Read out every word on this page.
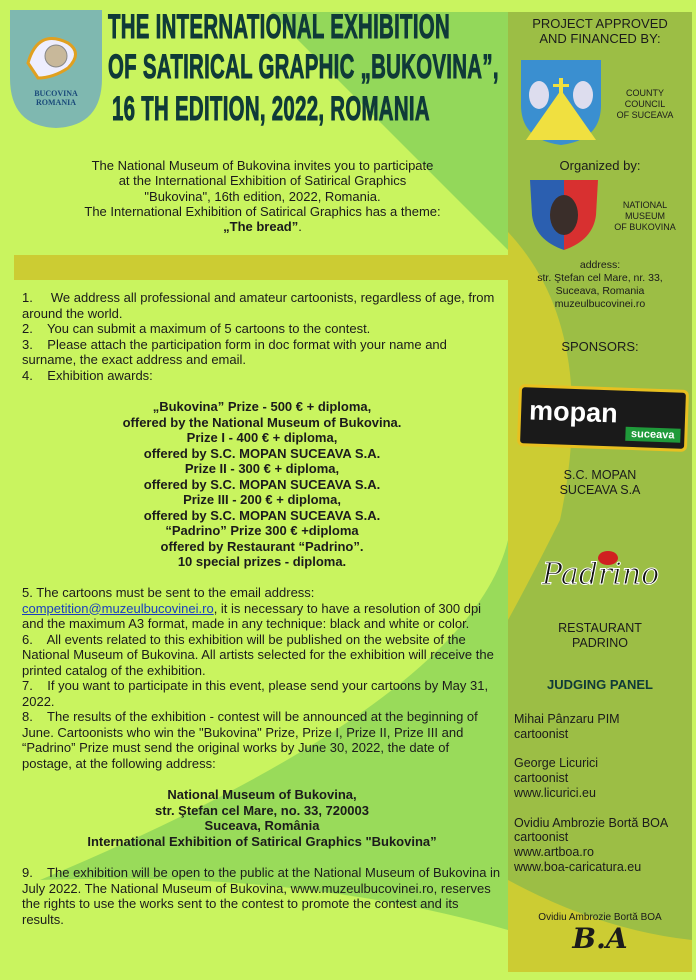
BUCOVINA
ROMANIA
THE INTERNATIONAL EXHIBITION
OF SATIRICAL GRAPHIC „BUKOVINA”,
16 TH EDITION, 2022, ROMANIA
The National Museum of Bukovina invites you to participate
at the International Exhibition of Satirical Graphics
"Bukovina", 16th edition, 2022, Romania.
The International Exhibition of Satirical Graphics has a theme:
„The bread”.
1.     We address all professional and amateur cartoonists, regardless of age, from around the world.
2.    You can submit a maximum of 5 cartoons to the contest.
3.    Please attach the participation form in doc format with your name and surname, the exact address and email.
4.    Exhibition awards:
„Bukovina” Prize - 500 € + diploma,
offered by the National Museum of Bukovina.
Prize I - 400 € + diploma,
offered by S.C. MOPAN SUCEAVA S.A.
Prize II - 300 € + diploma,
offered by S.C. MOPAN SUCEAVA S.A.
Prize III - 200 € + diploma,
offered by S.C. MOPAN SUCEAVA S.A.
“Padrino” Prize 300 € +diploma
offered by Restaurant “Padrino”.
10 special prizes - diploma.
5. The cartoons must be sent to the email address:
competition@muzeulbucovinei.ro, it is necessary to have a resolution of 300 dpi and the maximum A3 format, made in any technique: black and white or color.
6.    All events related to this exhibition will be published on the website of the National Museum of Bukovina. All artists selected for the exhibition will receive the printed catalog of the exhibition.
7.    If you want to participate in this event, please send your cartoons by May 31, 2022.
8.    The results of the exhibition - contest will be announced at the beginning of June. Cartoonists who win the "Bukovina" Prize, Prize I, Prize II, Prize III and “Padrino” Prize must send the original works by June 30, 2022, the date of postage, at the following address:
National Museum of Bukovina,
str. Ştefan cel Mare, no. 33, 720003
Suceava, România
International Exhibition of Satirical Graphics "Bukovina”
9.    The exhibition will be open to the public at the National Museum of Bukovina in July 2022. The National Museum of Bukovina, www.muzeulbucovinei.ro, reserves the rights to use the works sent to the contest to promote the contest and its results.
PROJECT APPROVED
AND FINANCED BY:
COUNTY
COUNCIL
OF SUCEAVA
Organized by:
NATIONAL
MUSEUM
OF BUKOVINA
address:
str. Ştefan cel Mare, nr. 33,
Suceava, Romania
muzeulbucovinei.ro
SPONSORS:
mopan
suceava
S.C. MOPAN
SUCEAVA S.A
Padrino
RESTAURANT
PADRINO
JUDGING PANEL
Mihai Pânzaru PIM
cartoonist
George Licurici
cartoonist
www.licurici.eu
Ovidiu Ambrozie Bortă BOA
cartoonist
www.artboa.ro
www.boa-caricatura.eu
Ovidiu Ambrozie Bortă BOA
B.A
